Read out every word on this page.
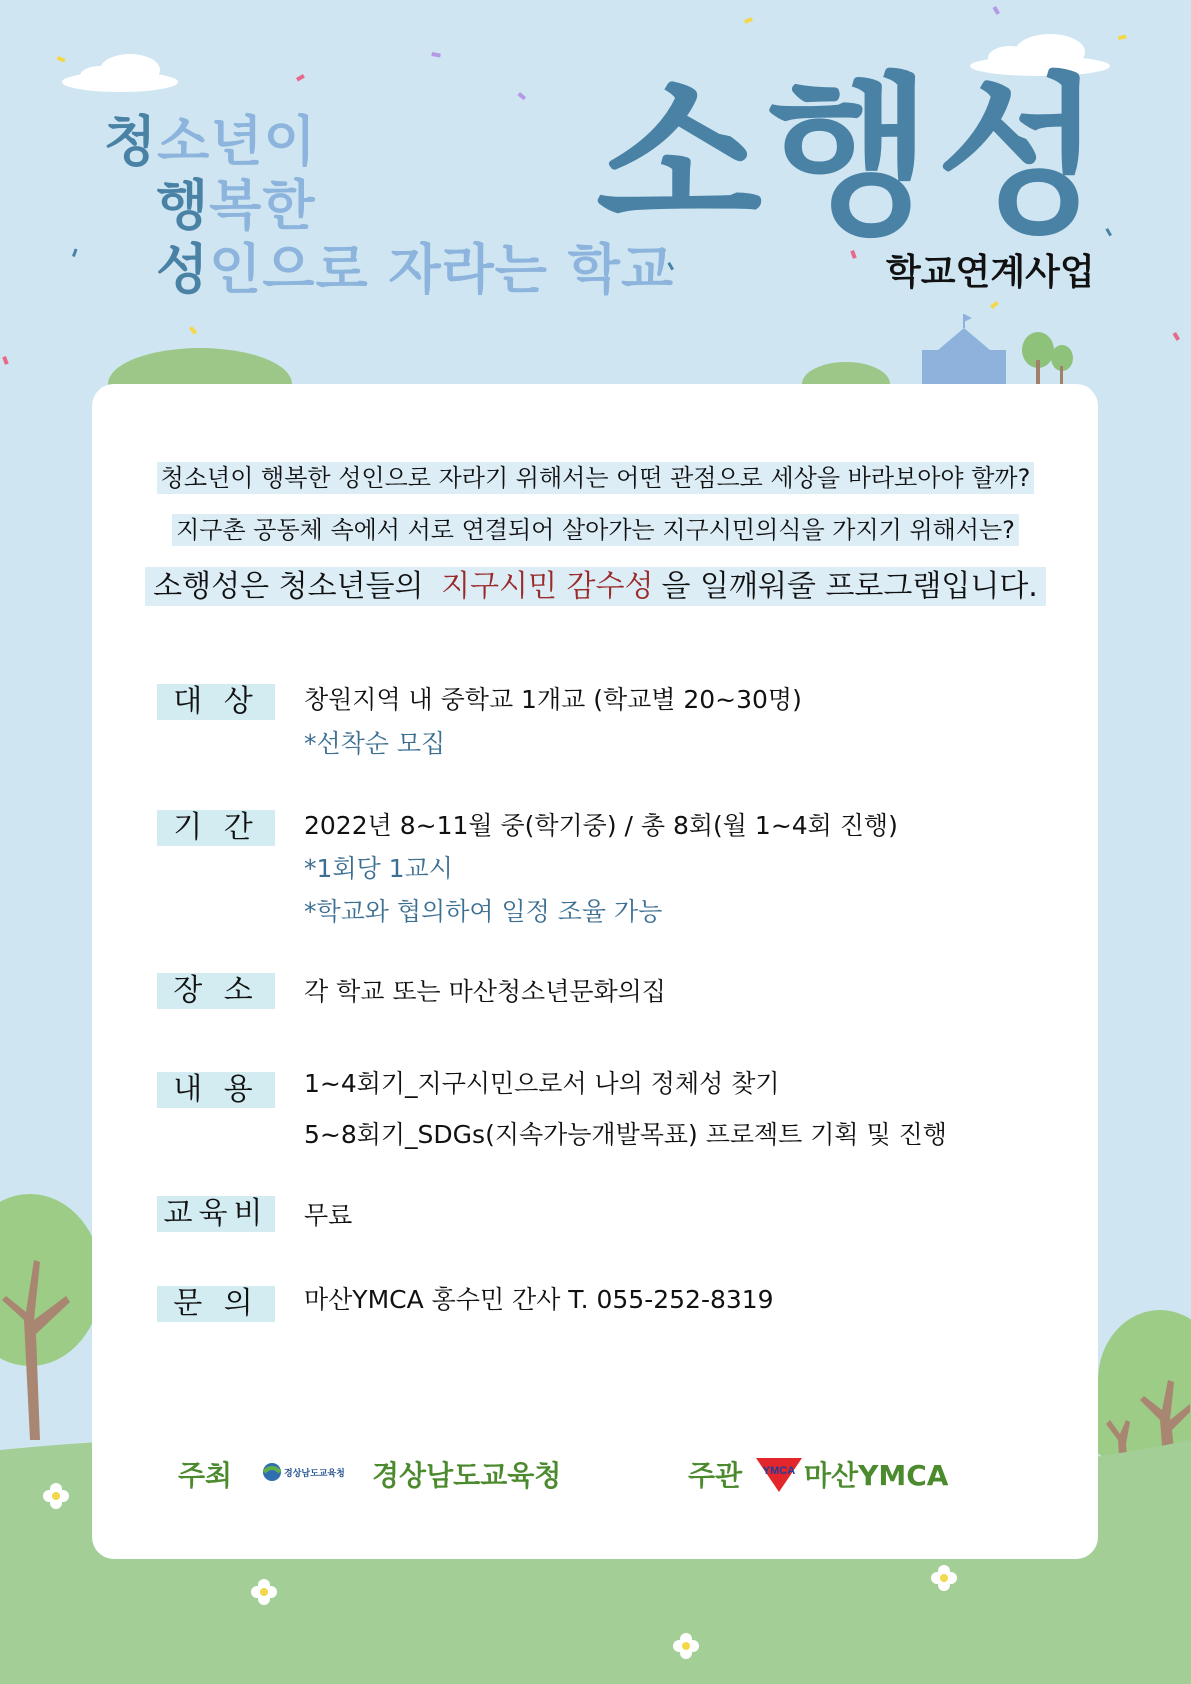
청소년이
행복한
성인으로 자라는 학교
소행성
학교연계사업
청소년이 행복한 성인으로 자라기 위해서는 어떤 관점으로 세상을 바라보아야 할까?
지구촌 공동체 속에서 서로 연결되어 살아가는 지구시민의식을 가지기 위해서는?
소행성은 청소년들의 지구시민 감수성 을 일깨워줄 프로그램입니다.
대 상	창원지역 내 중학교 1개교 (학교별 20~30명)
*선착순 모집
기 간	2022년 8~11월 중(학기중) / 총 8회(월 1~4회 진행)
*1회당 1교시
*학교와 협의하여 일정 조율 가능
장 소	각 학교 또는 마산청소년문화의집
내 용	1~4회기_지구시민으로서 나의 정체성 찾기
5~8회기_SDGs(지속가능개발목표) 프로젝트 기획 및 진행
교육비 무료
문 의	마산YMCA 홍수민 간사 T. 055-252-8319
주최	경상남도교육청 경상남도교육청	주관 YMCA 마산YMCA
